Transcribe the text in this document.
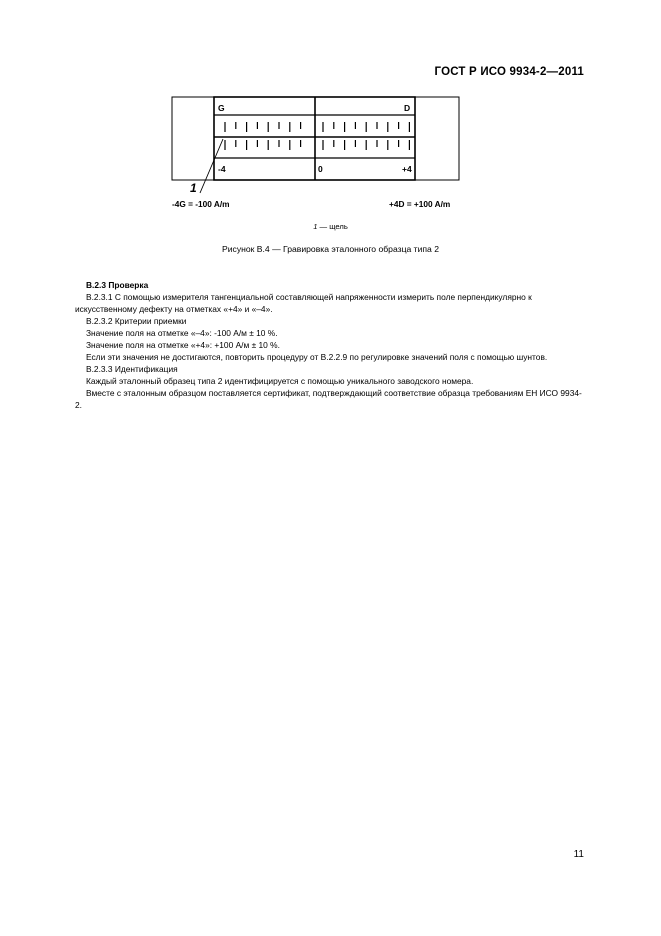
ГОСТ Р ИСО 9934-2—2011
G	D
-4	0	+4
1
-4G = -100 A/m	+4D = +100 A/m
1 — щель
Рисунок В.4 — Гравировка эталонного образца типа 2

В.2.3 Проверка

В.2.3.1 С помощью измерителя тангенциальной составляющей напряженности измерить поле перпендикулярно к искусственному дефекту на отметках «+4» и «–4».

В.2.3.2 Критерии приемки

Значение поля на отметке «–4»: -100 А/м ± 10 %.

Значение поля на отметке «+4»: +100 А/м ± 10 %.

Если эти значения не достигаются, повторить процедуру от В.2.2.9 по регулировке значений поля с помощью шунтов.

В.2.3.3 Идентификация

Каждый эталонный образец типа 2 идентифицируется с помощью уникального заводского номера.

Вместе с эталонным образцом поставляется сертификат, подтверждающий соответствие образца требованиям ЕН ИСО 9934-2.

11
